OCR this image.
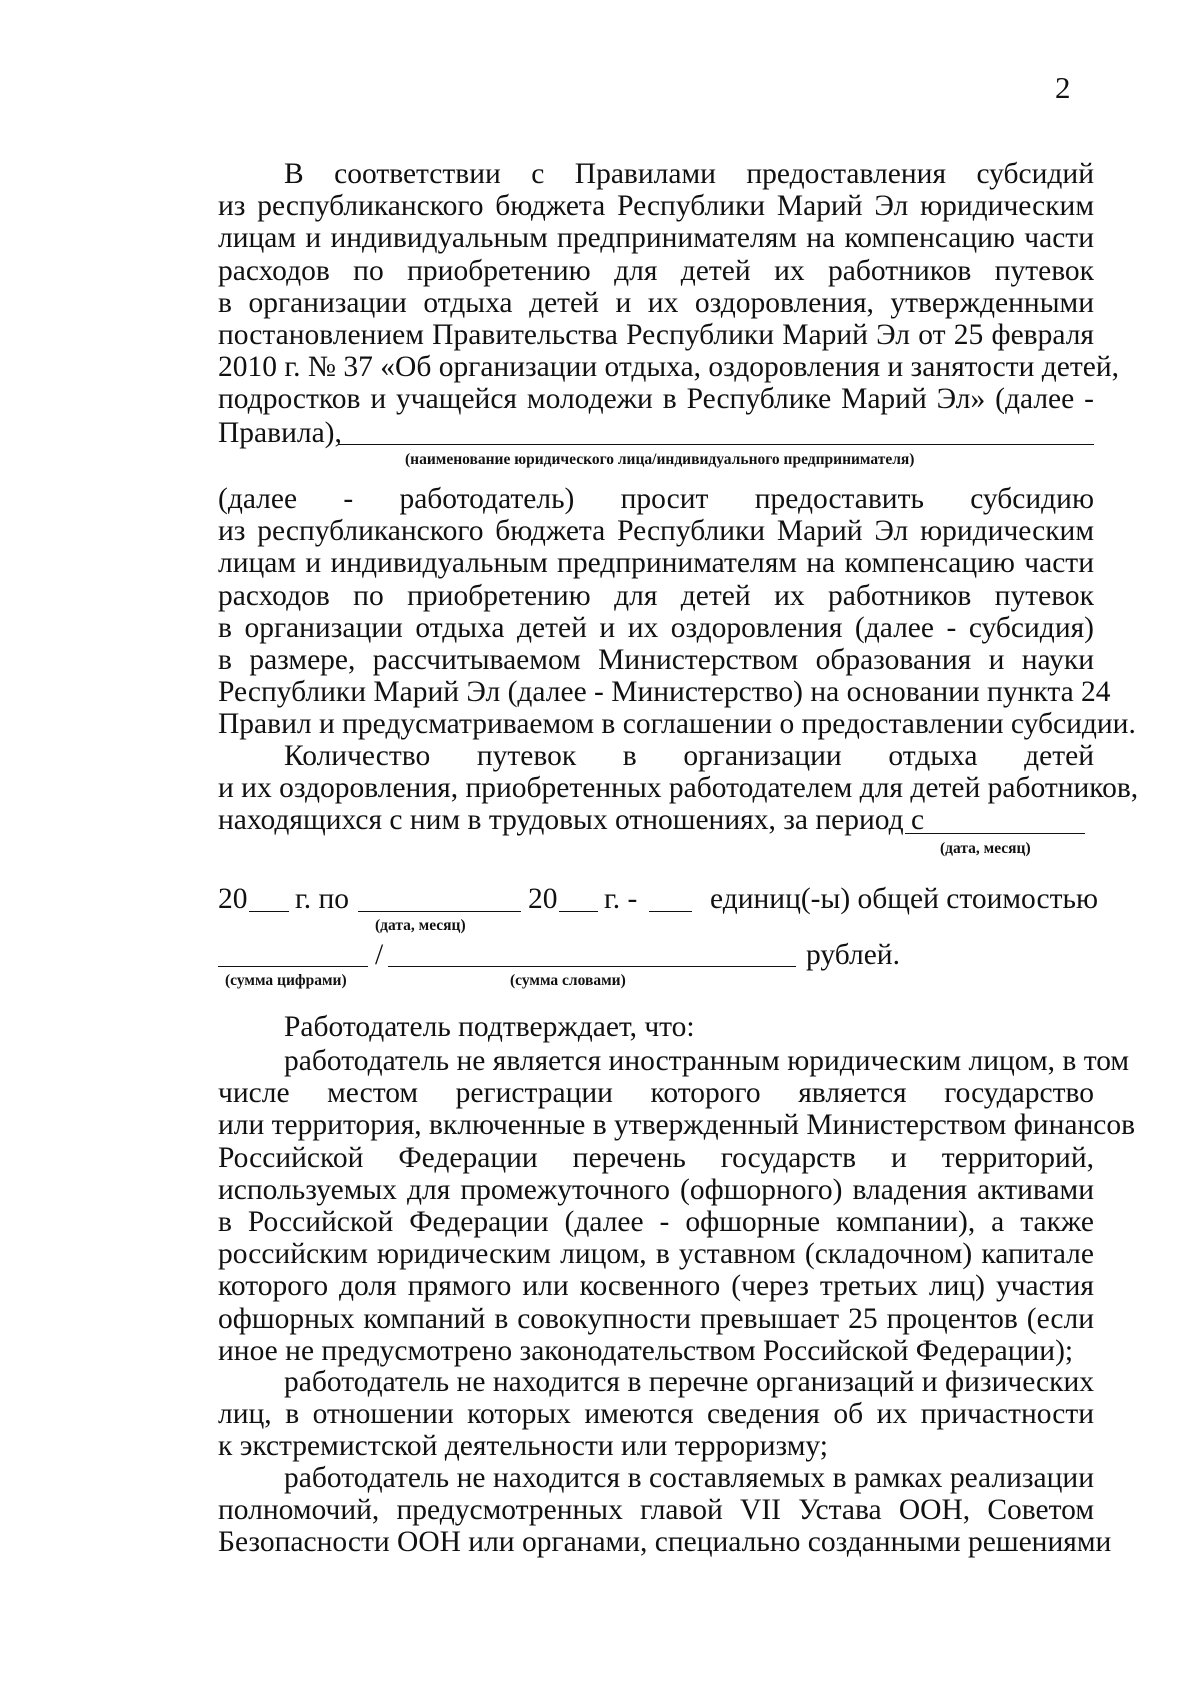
2
В соответствии с Правилами предоставления субсидий
из республиканского бюджета Республики Марий Эл юридическим
лицам и индивидуальным предпринимателям на компенсацию части
расходов по приобретению для детей их работников путевок
в организации отдыха детей и их оздоровления, утвержденными
постановлением Правительства Республики Марий Эл от 25 февраля
2010 г. № 37 «Об организации отдыха, оздоровления и занятости детей,
подростков и учащейся молодежи в Республике Марий Эл» (далее -
Правила),
(наименование юридического лица/индивидуального предпринимателя)
(далее - работодатель) просит предоставить субсидию
из республиканского бюджета Республики Марий Эл юридическим
лицам и индивидуальным предпринимателям на компенсацию части
расходов по приобретению для детей их работников путевок
в организации отдыха детей и их оздоровления (далее - субсидия)
в размере, рассчитываемом Министерством образования и науки
Республики Марий Эл (далее - Министерство) на основании пункта 24
Правил и предусматриваемом в соглашении о предоставлении субсидии.
Количество путевок в организации отдыха детей
и их оздоровления, приобретенных работодателем для детей работников,
находящихся с ним в трудовых отношениях, за период с
(дата, месяц)
20 г. по
(дата, месяц)
20 г. - единиц(-ы) общей стоимостью
/	рублей.
(сумма цифрами)	(сумма словами)
Работодатель подтверждает, что:
работодатель не является иностранным юридическим лицом, в том
числе местом регистрации которого является государство
или территория, включенные в утвержденный Министерством финансов
Российской Федерации перечень государств и территорий,
используемых для промежуточного (офшорного) владения активами
в Российской Федерации (далее - офшорные компании), а также
российским юридическим лицом, в уставном (складочном) капитале
которого доля прямого или косвенного (через третьих лиц) участия
офшорных компаний в совокупности превышает 25 процентов (если
иное не предусмотрено законодательством Российской Федерации);
работодатель не находится в перечне организаций и физических
лиц, в отношении которых имеются сведения об их причастности
к экстремистской деятельности или терроризму;
работодатель не находится в составляемых в рамках реализации
полномочий, предусмотренных главой VII Устава ООН, Советом
Безопасности ООН или органами, специально созданными решениями
